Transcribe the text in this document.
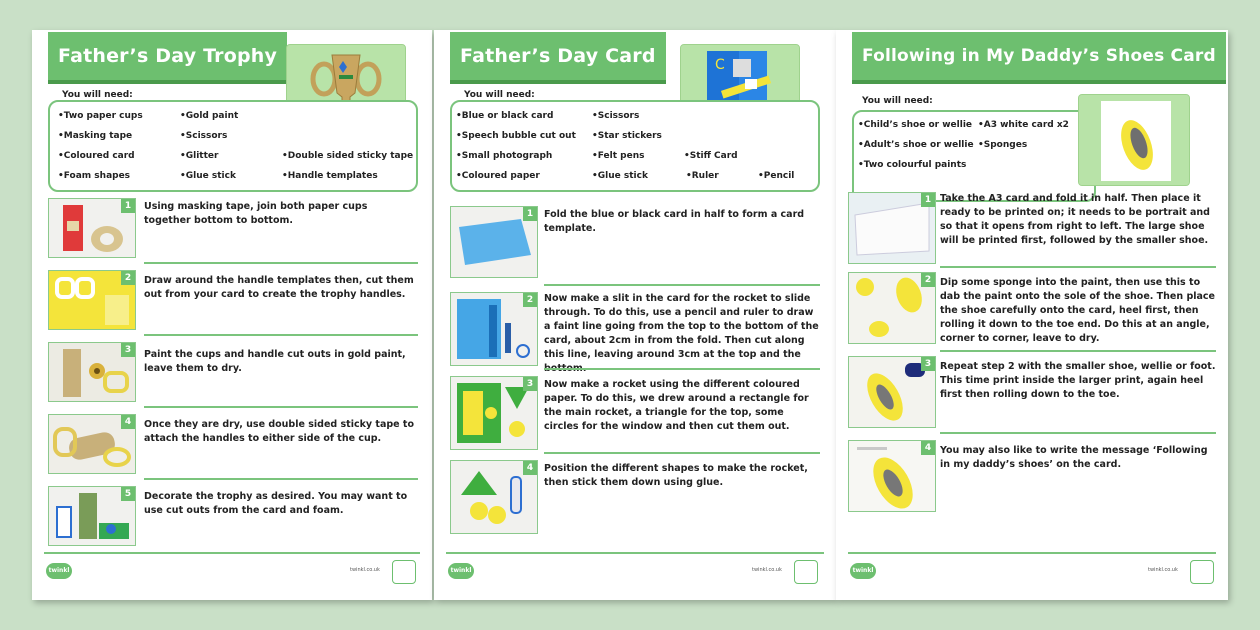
Father’s Day Trophy
You will need:
•Two paper cups
•Masking tape
•Coloured card
•Foam shapes
•Gold paint
•Scissors
•Glitter
•Glue stick
•Double sided sticky tape
•Handle templates
1	Using masking tape, join both paper cups together bottom to bottom.
2	Draw around the handle templates then, cut them out from your card to create the trophy handles.
3	Paint the cups and handle cut outs in gold paint, leave them to dry.
4	Once they are dry, use double sided sticky tape to attach the handles to either side of the cup.
5	Decorate the trophy as desired. You may want to use cut outs from the card and foam.
twinkl	twinkl.co.uk
Father’s Day Card	C
You will need:
•Blue or black card
•Speech bubble cut out
•Small photograph
•Coloured paper
•Scissors
•Star stickers
•Felt pens
•Glue stick
•Stiff Card
•Ruler	•Pencil
1	Fold the blue or black card in half to form a card template.
2	Now make a slit in the card for the rocket to slide through. To do this, use a pencil and ruler to draw a faint line going from the top to the bottom of the card, about 2cm in from the fold. Then cut along this line, leaving around 3cm at the top and the
3	Now make a rocket using the different coloured paper. To do this, we drew around a rectangle for the main rocket, a triangle for the top, some circles for the window and then cut them out.
4	Position the different shapes to make the rocket, then stick them down using glue.
twinkl	twinkl.co.uk
Following in My Daddy’s Shoes Card
You will need:
•Child’s shoe or wellie
•Adult’s shoe or wellie
•Two colourful paints
•A3 white card x2
•Sponges
1 Take the A3 card and fold it in half. Then place it ready to be printed on; it needs to be portrait and so that it opens from right to left. The large shoe will be printed first, followed by the smaller shoe.
2 Dip some sponge into the paint, then use this to dab the paint onto the sole of the shoe. Then place the shoe carefully onto the card, heel first, then rolling it down to the toe end. Do this at an angle, corner to corner, leave to dry.
3 Repeat step 2 with the smaller shoe, wellie or foot. This time print inside the larger print, again heel first then rolling down to the toe.
4 You may also like to write the message ‘Following in my daddy’s shoes’ on the card.
twinkl	twinkl.co.uk
